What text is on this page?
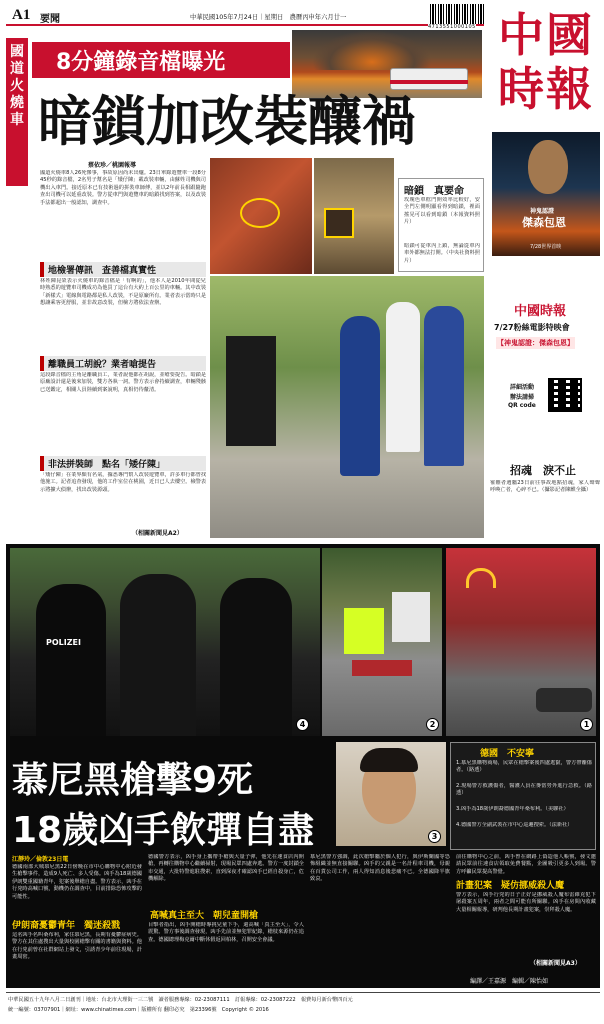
A1 要聞	中華民國105年7月24日｜星期日　農曆丙申年六月廿一
4713551000105 中國時報
國道火燒車
8分鐘錄音檔曝光
暗鎖加改裝釀禍
蔡依珍／桃園報導
國道火燒車8人26死慘事，事故原因尚未出爐。23日單錄遊覽車一段8分45秒的錄音檔，2名男子幫名是「矮仔陳」載改裝車輛，由蘇姓司機與司機出入車門。接近原本已有技術過的拼裝車師傅，並以2年前長相跟隨跑查出司機可以延重改裝。警方從車門與遊覽車的暗鎖找到答案，以及改裝手法都超出一般認知，調查中。
地檢署傳訊　查善檔真實性
林姓陳昆榮表示火燒車的錄音檔是「有啊的」，他本人是2010年間從兒時熟悉的遊覽車司機成功為他買了這台有大約上百公里的車輛。其中改裝「新樣式」電線與電路都是私人改裝，不是原廠所有。業者表示當時只是想讓乘客更舒服，並非故意改裝，但檢方將依法查辦。
離職員工胡說？業者嗆提告
這段錄音檔的主角是離職員工，業者說他都在胡說，並嗆要提告。暗鎖是原廠設計還是後來加裝，雙方各執一詞。警方表示會持續調查，車輛殘骸已送鑑定，相關人員陸續到案說明，真相仍待釐清。
非法拼裝師　點名「矮仔陳」
「矮仔陳」在業界頗有名氣，據悉專門幫人改裝遊覽車，許多車行都曾找他施工。記者追查發現，他的工作室位在桃園，近日已人去樓空。檢警表示將擴大偵辦，找出改裝源頭。
（相關新聞見A2）
暗鎖　真要命
玫塊色車框門開效率比較好，安全門左側明顯看得到暗鎖，裡面搖晃可以看到暗鎖（本報資料照片）
暗鎖可從車內上鎖，無論從車內車外都無法打開。（中央社資料照片）
神鬼認證
傑森包恩
7/28世界首映
中國時報
7/27粉絲電影特映會
【神鬼認證：傑森包恩】
詳細活動
辦法請掃
QR code
招魂　淚不止
罹難者遺屬23日前往事故地點招魂，家人聲聲呼喚亡者，心碎不已。（攝影記者陳麒全攝）
POLIZEI
4	2	1
慕尼黑槍擊9死
18歲凶手飲彈自盡	3
德國　不安寧
1.慕尼黑購物商場，民眾在槍擊案後四處逃竄，警方帶離傷者。（路透）
2.現場警方救護傷者，醫護人員在麥當勞外進行急救。（路透）
3.凶手為18歲伊朗裔德國青年桑布利。（美聯社）
4.德國警方全副武裝在市中心巡邏搜索。（法新社）
江靜玲／倫敦23日電
德國南部大城慕尼黑22日傍晚在市中心購物中心附近發生槍擊事件，造成9人死亡、多人受傷。凶手為18歲德國伊朗雙重國籍青年，犯案後舉槍自盡。警方表示，凶手在行兇時高喊口號，動機仍在調查中，目前排除恐怖攻擊的可能性。
伊朗裔憂鬱青年　獨迷殺戮
這名凶手名叫桑布利，家住慕尼黑，長期有憂鬱症病史。警方在其住處搜出大量與校園槍擊有關的書籍與資料。他在行兇前曾在社群網站上發文，引誘青少年前往現場，計畫周密。
德國警方表示，凶手身上攜帶手槍與大量子彈，他先在速食店內開槍，再轉往購物中心繼續掃射，現場民眾四處奔逃。警方一度封鎖全市交通，大批特警進駐搜索，直到深夜才確認凶手已經自殺身亡，危機解除。
高喊真主至大　朝兒童開槍
目擊者指出，凶手開槍時專挑兒童下手，還高喊「真主至大」，令人震驚。警方事後調查發現，凶手先前並無犯罪紀錄，槍枝來源仍在追查。德國總理梅克爾中斷休假返回柏林，召開安全會議。
慕尼黑警方強調，此次槍擊屬於個人犯行，與伊斯蘭國等恐怖組織並無直接關聯。凶手的父親是一名計程車司機，母親在百貨公司工作，兩人得知消息後悲痛不已。全德國降半旗致哀。
前往購物中心之前，凶手曾在網路上偽造他人帳號，發文邀請民眾前往速食店領取免費餐點，企圖吸引更多人到場。警方呼籲民眾提高警覺。
計畫犯案　疑仿挪威殺人魔
警方表示，凶手行兇的日子正好是挪威殺人魔布雷維克犯下屠殺案五周年，兩者之間可能有所關聯。凶手在房間內收藏大量相關報導，研判他長期計畫犯案，崇拜殺人魔。
（相關新聞見A3）
編譯／王嘉源　編輯／陳怡如
中華民國五十九年八月二日創刊｜地址：台北市大理街一三二號　讀者服務專線：02-23087111　訂報專線：02-23087222　報費每月新台幣四百元
統一編號：03707901｜網址：www.chinatimes.com｜版權所有 翻印必究　第23396號　Copyright © 2016
